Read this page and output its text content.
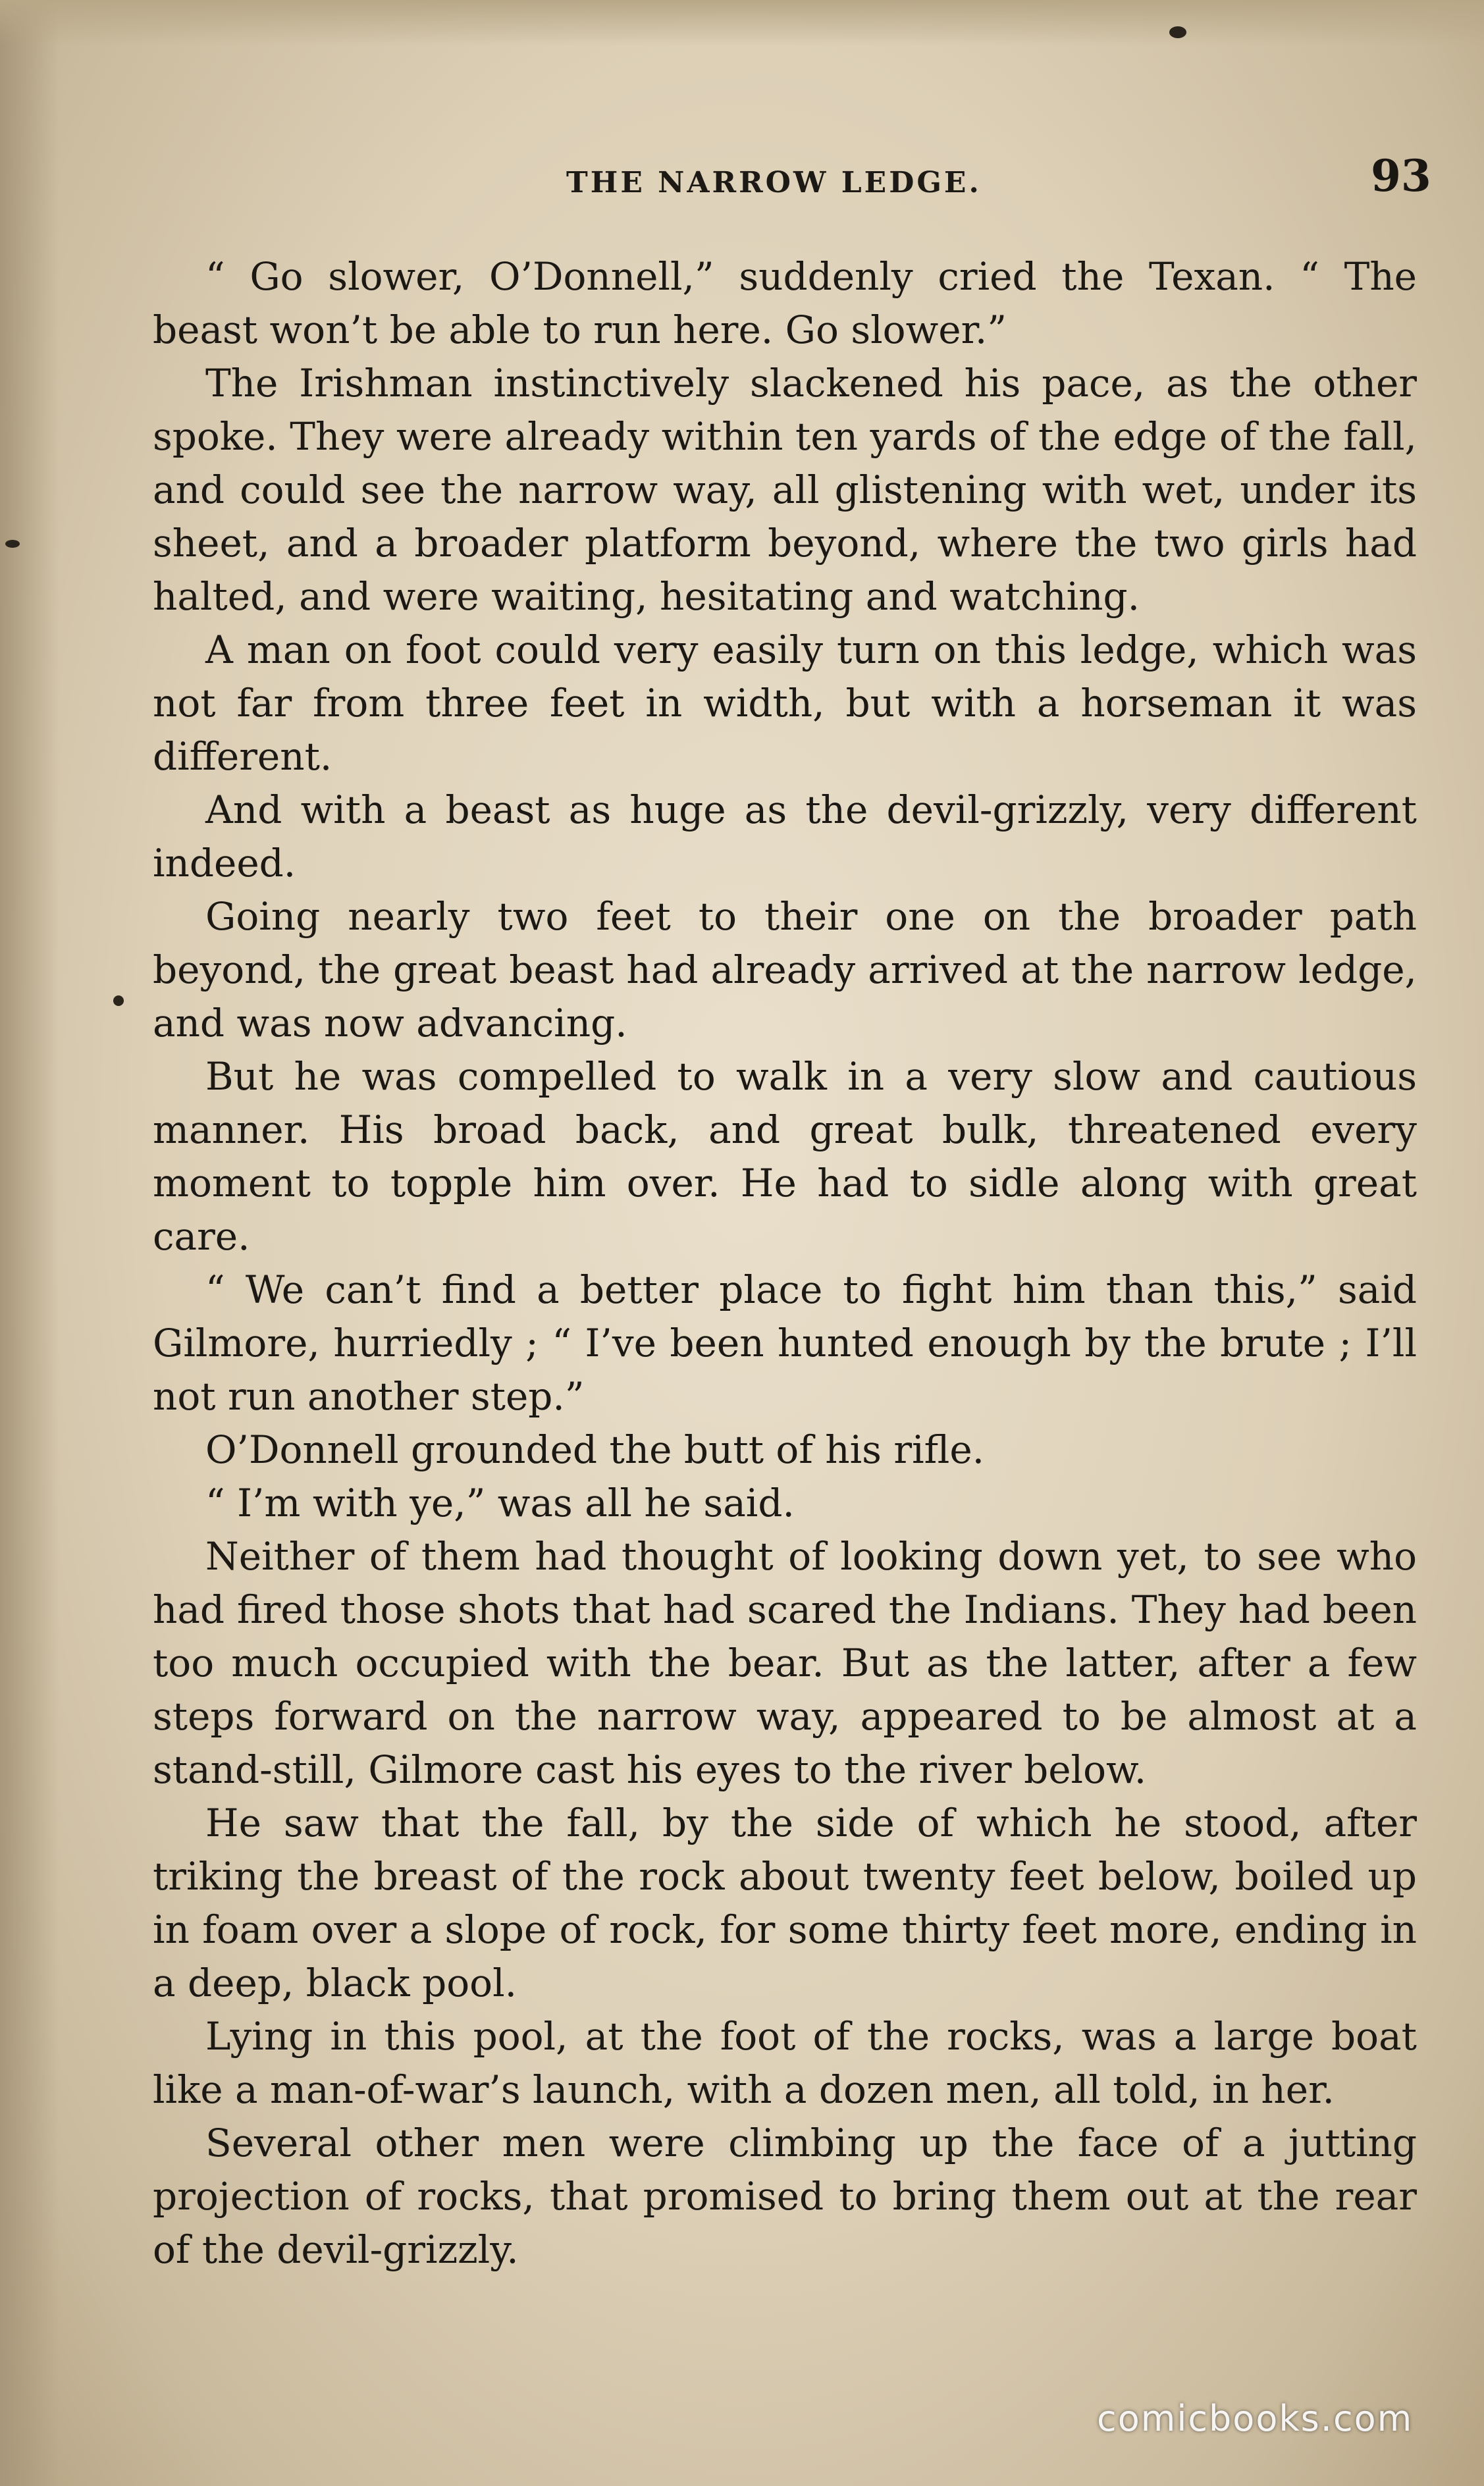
THE NARROW LEDGE.	93

“ Go slower, O’Donnell,” suddenly cried the Texan. “ The beast won’t be able to run here. Go slower.”

The Irishman instinctively slackened his pace, as the other spoke. They were already within ten yards of the edge of the fall, and could see the narrow way, all glistening with wet, under its sheet, and a broader platform beyond, where the two girls had halted, and were waiting, hesitating and watching.

A man on foot could very easily turn on this ledge, which was not far from three feet in width, but with a horseman it was different.

And with a beast as huge as the devil-grizzly, very different indeed.

Going nearly two feet to their one on the broader path beyond, the great beast had already arrived at the narrow ledge, and was now advancing.

But he was compelled to walk in a very slow and cautious manner. His broad back, and great bulk, threatened every moment to topple him over. He had to sidle along with great care.

“ We can’t find a better place to fight him than this,” said Gilmore, hurriedly ; “ I’ve been hunted enough by the brute ; I’ll not run another step.”

O’Donnell grounded the butt of his rifle.

“ I’m with ye,” was all he said.

Neither of them had thought of looking down yet, to see who had fired those shots that had scared the Indians. They had been too much occupied with the bear. But as the latter, after a few steps forward on the narrow way, appeared to be almost at a stand-still, Gilmore cast his eyes to the river below.

He saw that the fall, by the side of which he stood, after triking the breast of the rock about twenty feet below, boiled up in foam over a slope of rock, for some thirty feet more, ending in a deep, black pool.

Lying in this pool, at the foot of the rocks, was a large boat like a man-of-war’s launch, with a dozen men, all told, in her.

Several other men were climbing up the face of a jutting projection of rocks, that promised to bring them out at the rear of the devil-grizzly.

comicbooks.com
